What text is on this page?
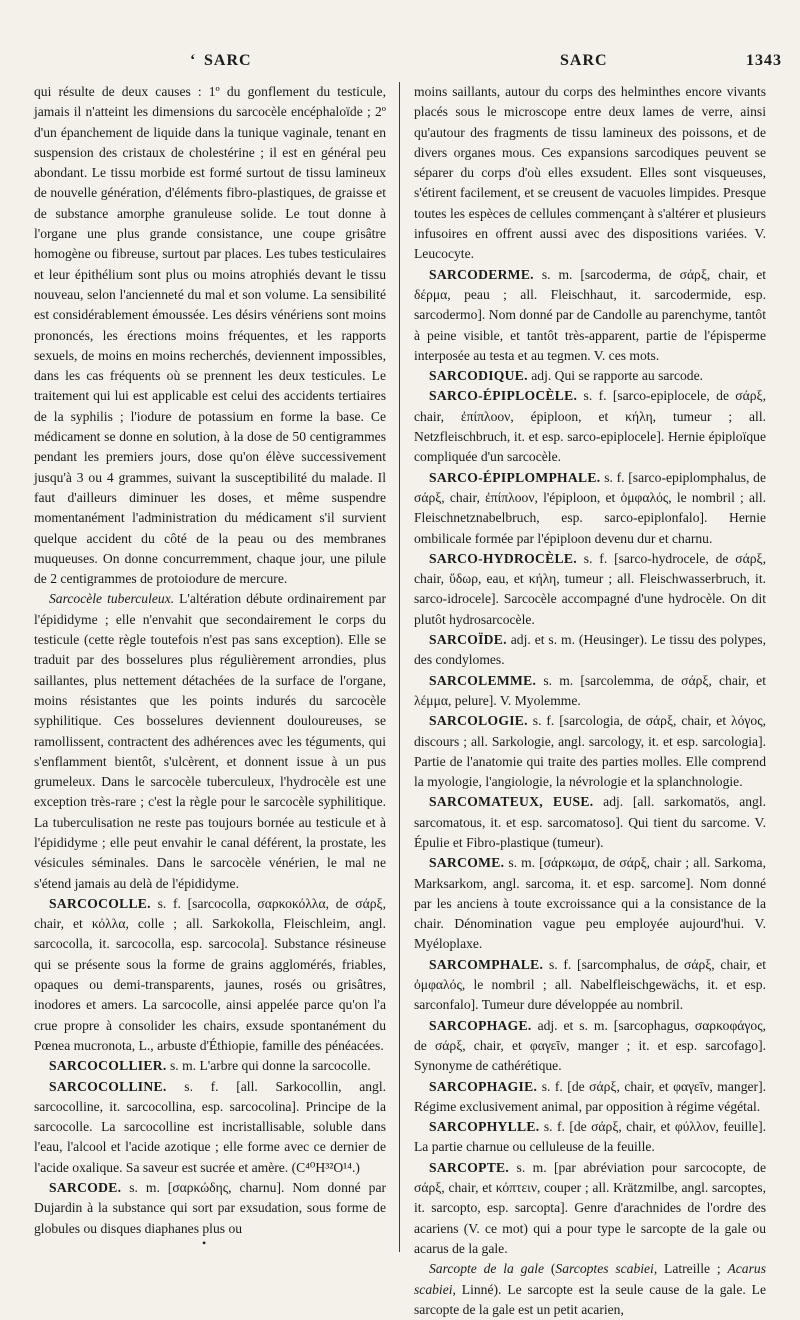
‘ SARC	SARC	1343

qui résulte de deux causes : 1º du gonflement du testicule, jamais il n'atteint les dimensions du sarcocèle encéphaloïde ; 2º d'un épanchement de liquide dans la tunique vaginale, tenant en suspension des cristaux de cholestérine ; il est en général peu abondant. Le tissu morbide est formé surtout de tissu lamineux de nouvelle génération, d'éléments fibro-plastiques, de graisse et de substance amorphe granuleuse solide. Le tout donne à l'organe une plus grande consistance, une coupe grisâtre homogène ou fibreuse, surtout par places. Les tubes testiculaires et leur épithélium sont plus ou moins atrophiés devant le tissu nouveau, selon l'ancienneté du mal et son volume. La sensibilité est considérablement émoussée. Les désirs vénériens sont moins prononcés, les érections moins fréquentes, et les rapports sexuels, de moins en moins recherchés, deviennent impossibles, dans les cas fréquents où se prennent les deux testicules. Le traitement qui lui est applicable est celui des accidents tertiaires de la syphilis ; l'iodure de potassium en forme la base. Ce médicament se donne en solution, à la dose de 50 centigrammes pendant les premiers jours, dose qu'on élève successivement jusqu'à 3 ou 4 grammes, suivant la susceptibilité du malade. Il faut d'ailleurs diminuer les doses, et même suspendre momentanément l'administration du médicament s'il survient quelque accident du côté de la peau ou des membranes muqueuses. On donne concurremment, chaque jour, une pilule de 2 centigrammes de protoiodure de mercure.

Sarcocèle tuberculeux. L'altération débute ordinairement par l'épididyme ; elle n'envahit que secondairement le corps du testicule (cette règle toutefois n'est pas sans exception). Elle se traduit par des bosselures plus régulièrement arrondies, plus saillantes, plus nettement détachées de la surface de l'organe, moins résistantes que les points indurés du sarcocèle syphilitique. Ces bosselures deviennent douloureuses, se ramollissent, contractent des adhérences avec les téguments, qui s'enflamment bientôt, s'ulcèrent, et donnent issue à un pus grumeleux. Dans le sarcocèle tuberculeux, l'hydrocèle est une exception très-rare ; c'est la règle pour le sarcocèle syphilitique. La tuberculisation ne reste pas toujours bornée au testicule et à l'épididyme ; elle peut envahir le canal déférent, la prostate, les vésicules séminales. Dans le sarcocèle vénérien, le mal ne s'étend jamais au delà de l'épididyme.

SARCOCOLLE. s. f. [sarcocolla, σαρκοκόλλα, de σάρξ, chair, et κόλλα, colle ; all. Sarkokolla, Fleischleim, angl. sarcocolla, it. sarcocolla, esp. sarcocola]. Substance résineuse qui se présente sous la forme de grains agglomérés, friables, opaques ou demi-transparents, jaunes, rosés ou grisâtres, inodores et amers. La sarcocolle, ainsi appelée parce qu'on l'a crue propre à consolider les chairs, exsude spontanément du Pœnea mucronota, L., arbuste d'Éthiopie, famille des pénéacées.

SARCOCOLLIER. s. m. L'arbre qui donne la sarcocolle.

SARCOCOLLINE. s. f. [all. Sarkocollin, angl. sarcocolline, it. sarcocollina, esp. sarcocolina]. Principe de la sarcocolle. La sarcocolline est incristallisable, soluble dans l'eau, l'alcool et l'acide azotique ; elle forme avec ce dernier de l'acide oxalique. Sa saveur est sucrée et amère. (C⁴⁰H³²O¹⁴.)

SARCODE. s. m. [σαρκώδης, charnu]. Nom donné par Dujardin à la substance qui sort par exsudation, sous forme de globules ou disques diaphanes plus ou

moins saillants, autour du corps des helminthes encore vivants placés sous le microscope entre deux lames de verre, ainsi qu'autour des fragments de tissu lamineux des poissons, et de divers organes mous. Ces expansions sarcodiques peuvent se séparer du corps d'où elles exsudent. Elles sont visqueuses, s'étirent facilement, et se creusent de vacuoles limpides. Presque toutes les espèces de cellules commençant à s'altérer et plusieurs infusoires en offrent aussi avec des dispositions variées. V. Leucocyte.

SARCODERME. s. m. [sarcoderma, de σάρξ, chair, et δέρμα, peau ; all. Fleischhaut, it. sarcodermide, esp. sarcodermo]. Nom donné par de Candolle au parenchyme, tantôt à peine visible, et tantôt très-apparent, partie de l'épisperme interposée au testa et au tegmen. V. ces mots.

SARCODIQUE. adj. Qui se rapporte au sarcode.

SARCO-ÉPIPLOCÈLE. s. f. [sarco-epiplocele, de σάρξ, chair, ἐπίπλοον, épiploon, et κήλη, tumeur ; all. Netzfleischbruch, it. et esp. sarco-epiplocele]. Hernie épiploïque compliquée d'un sarcocèle.

SARCO-ÉPIPLOMPHALE. s. f. [sarco-epiplomphalus, de σάρξ, chair, ἐπίπλοον, l'épiploon, et ὀμφαλός, le nombril ; all. Fleischnetznabelbruch, esp. sarco-epiplonfalo]. Hernie ombilicale formée par l'épiploon devenu dur et charnu.

SARCO-HYDROCÈLE. s. f. [sarco-hydrocele, de σάρξ, chair, ὕδωρ, eau, et κήλη, tumeur ; all. Fleischwasserbruch, it. sarco-idrocele]. Sarcocèle accompagné d'une hydrocèle. On dit plutôt hydrosarcocèle.

SARCOÏDE. adj. et s. m. (Heusinger). Le tissu des polypes, des condylomes.

SARCOLEMME. s. m. [sarcolemma, de σάρξ, chair, et λέμμα, pelure]. V. Myolemme.

SARCOLOGIE. s. f. [sarcologia, de σάρξ, chair, et λόγος, discours ; all. Sarkologie, angl. sarcology, it. et esp. sarcologia]. Partie de l'anatomie qui traite des parties molles. Elle comprend la myologie, l'angiologie, la névrologie et la splanchnologie.

SARCOMATEUX, EUSE. adj. [all. sarkomatös, angl. sarcomatous, it. et esp. sarcomatoso]. Qui tient du sarcome. V. Épulie et Fibro-plastique (tumeur).

SARCOME. s. m. [σάρκωμα, de σάρξ, chair ; all. Sarkoma, Marksarkom, angl. sarcoma, it. et esp. sarcome]. Nom donné par les anciens à toute excroissance qui a la consistance de la chair. Dénomination vague peu employée aujourd'hui. V. Myéloplaxe.

SARCOMPHALE. s. f. [sarcomphalus, de σάρξ, chair, et ὀμφαλός, le nombril ; all. Nabelfleischgewächs, it. et esp. sarconfalo]. Tumeur dure développée au nombril.

SARCOPHAGE. adj. et s. m. [sarcophagus, σαρκοφάγος, de σάρξ, chair, et φαγεῖν, manger ; it. et esp. sarcofago]. Synonyme de cathérétique.

SARCOPHAGIE. s. f. [de σάρξ, chair, et φαγεῖν, manger]. Régime exclusivement animal, par opposition à régime végétal.

SARCOPHYLLE. s. f. [de σάρξ, chair, et φύλλον, feuille]. La partie charnue ou celluleuse de la feuille.

SARCOPTE. s. m. [par abréviation pour sarcocopte, de σάρξ, chair, et κόπτειν, couper ; all. Krätzmilbe, angl. sarcoptes, it. sarcopto, esp. sarcopta]. Genre d'arachnides de l'ordre des acariens (V. ce mot) qui a pour type le sarcopte de la gale ou acarus de la gale.

Sarcopte de la gale (Sarcoptes scabiei, Latreille ; Acarus scabiei, Linné). Le sarcopte est la seule cause de la gale. Le sarcopte de la gale est un petit acarien,

•
